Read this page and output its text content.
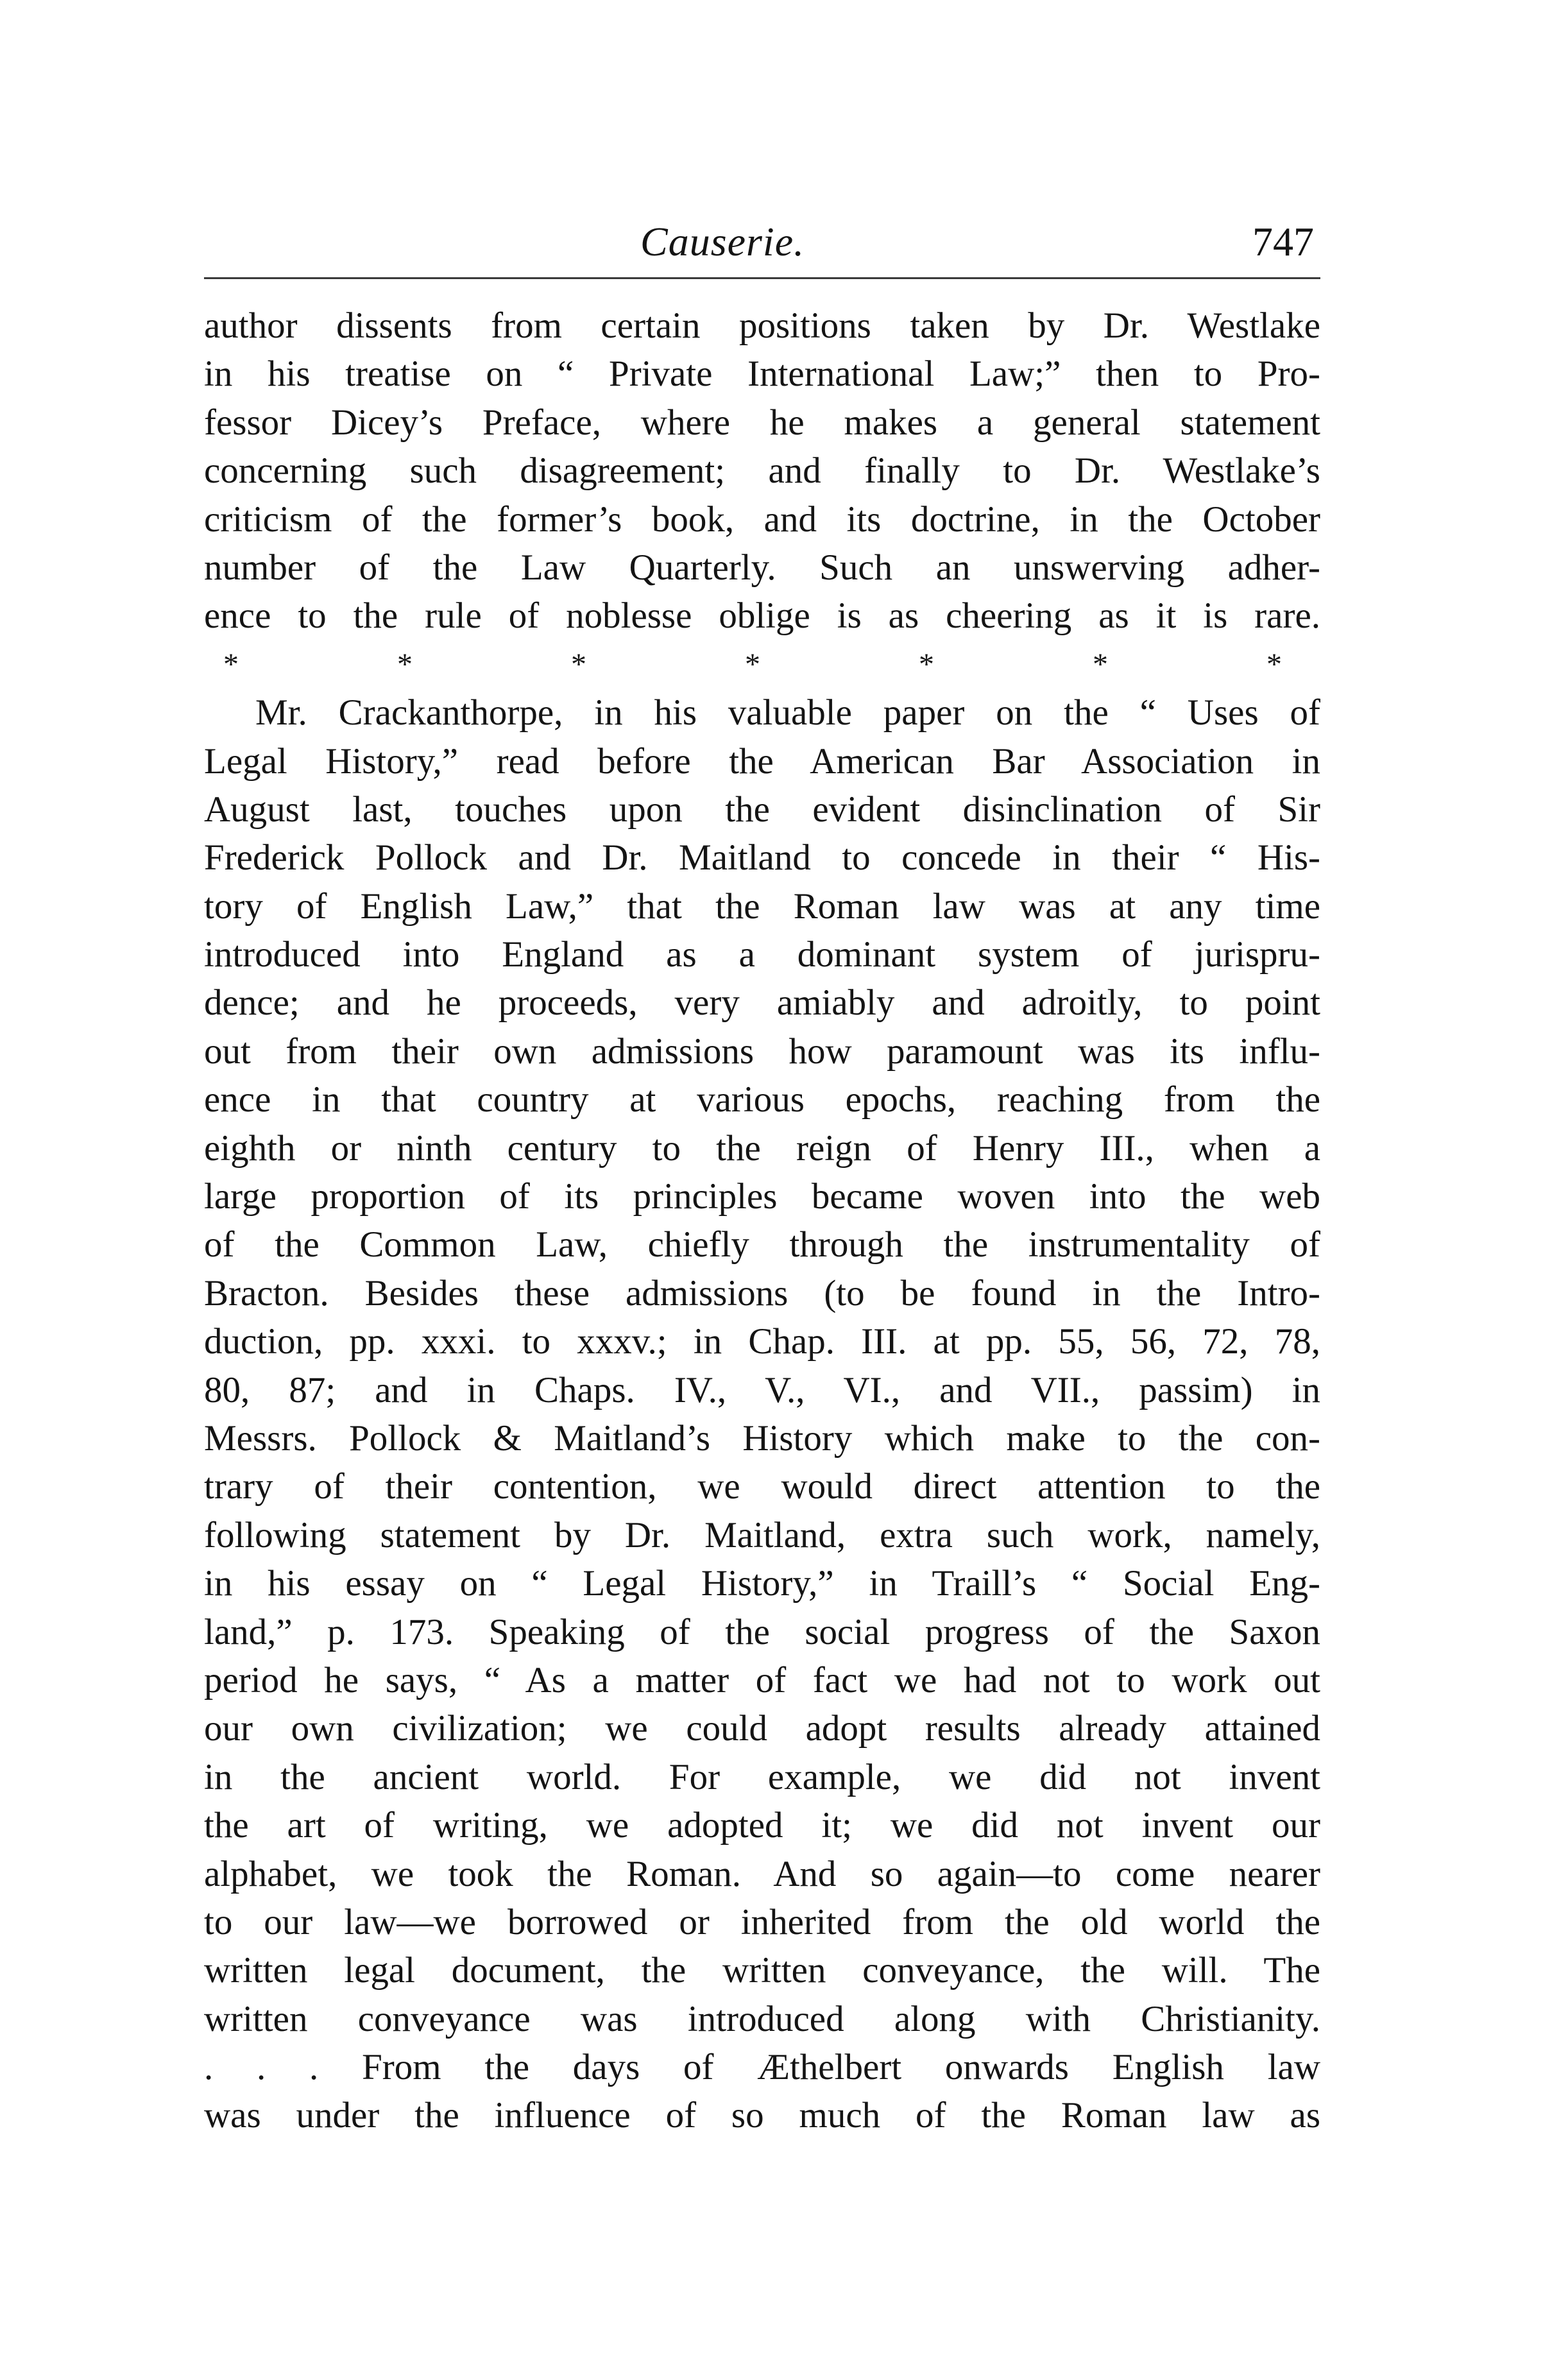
Causerie.	747
author dissents from certain positions taken by Dr. Westlake
in his treatise on “ Private International Law;” then to Pro-
fessor Dicey’s Preface, where he makes a general statement
concerning such disagreement; and finally to Dr. Westlake’s
criticism of the former’s book, and its doctrine, in the October
number of the Law Quarterly. Such an unswerving adher-
ence to the rule of noblesse oblige is as cheering as it is rare.
*	*	*	*	*	*	*
Mr. Crackanthorpe, in his valuable paper on the “ Uses of
Legal History,” read before the American Bar Association in
August last, touches upon the evident disinclination of Sir
Frederick Pollock and Dr. Maitland to concede in their “ His-
tory of English Law,” that the Roman law was at any time
introduced into England as a dominant system of jurispru-
dence; and he proceeds, very amiably and adroitly, to point
out from their own admissions how paramount was its influ-
ence in that country at various epochs, reaching from the
eighth or ninth century to the reign of Henry III., when a
large proportion of its principles became woven into the web
of the Common Law, chiefly through the instrumentality of
Bracton. Besides these admissions (to be found in the Intro-
duction, pp. xxxi. to xxxv.; in Chap. III. at pp. 55, 56, 72, 78,
80, 87; and in Chaps. IV., V., VI., and VII., passim) in
Messrs. Pollock & Maitland’s History which make to the con-
trary of their contention, we would direct attention to the
following statement by Dr. Maitland, extra such work, namely,
in his essay on “ Legal History,” in Traill’s “ Social Eng-
land,” p. 173. Speaking of the social progress of the Saxon
period he says, “ As a matter of fact we had not to work out
our own civilization; we could adopt results already attained
in the ancient world. For example, we did not invent
the art of writing, we adopted it; we did not invent our
alphabet, we took the Roman. And so again—to come nearer
to our law—we borrowed or inherited from the old world the
written legal document, the written conveyance, the will. The
written conveyance was introduced along with Christianity.
. . . From the days of Æthelbert onwards English law
was under the influence of so much of the Roman law as
